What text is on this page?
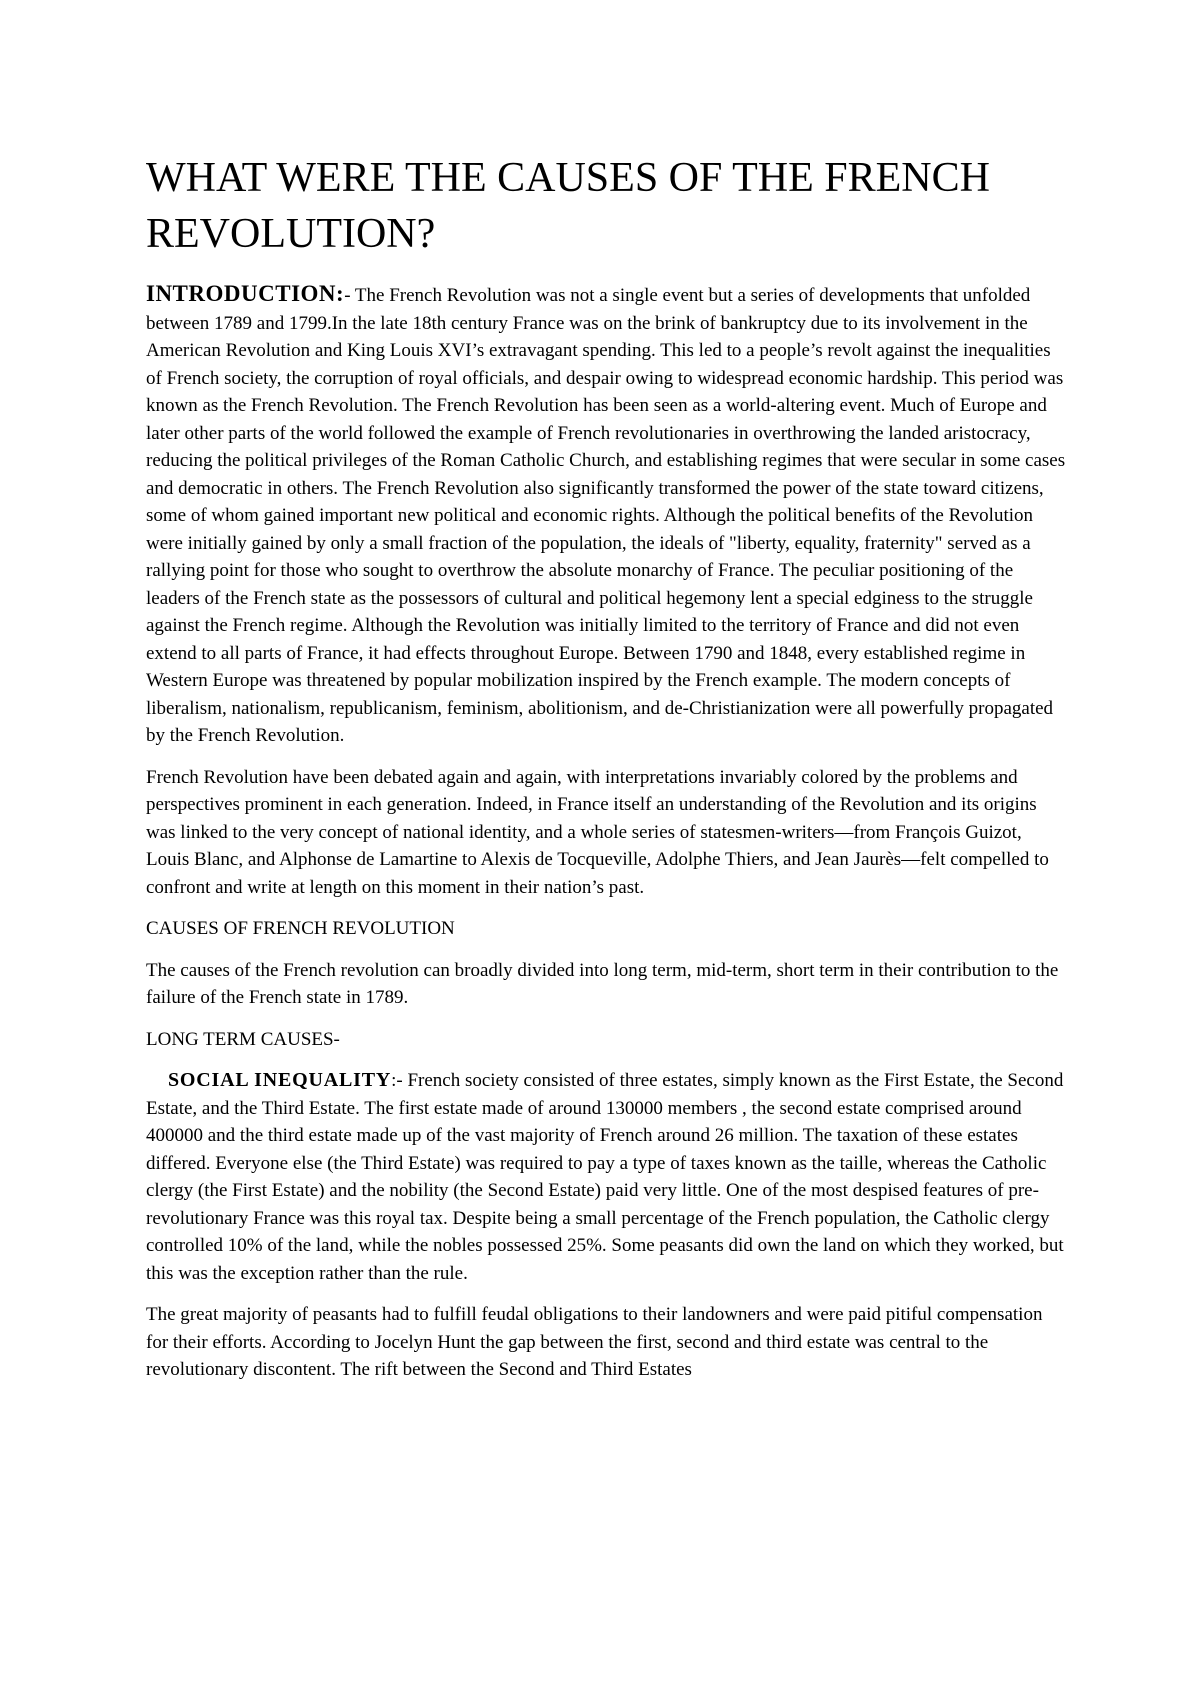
WHAT WERE THE CAUSES OF THE FRENCH REVOLUTION?

INTRODUCTION:- The French Revolution was not a single event but a series of developments that unfolded between 1789 and 1799.In the late 18th century France was on the brink of bankruptcy due to its involvement in the American Revolution and King Louis XVI’s extravagant spending. This led to a people’s revolt against the inequalities of French society, the corruption of royal officials, and despair owing to widespread economic hardship. This period was known as the French Revolution. The French Revolution has been seen as a world-altering event. Much of Europe and later other parts of the world followed the example of French revolutionaries in overthrowing the landed aristocracy, reducing the political privileges of the Roman Catholic Church, and establishing regimes that were secular in some cases and democratic in others. The French Revolution also significantly transformed the power of the state toward citizens, some of whom gained important new political and economic rights. Although the political benefits of the Revolution were initially gained by only a small fraction of the population, the ideals of "liberty, equality, fraternity" served as a rallying point for those who sought to overthrow the absolute monarchy of France. The peculiar positioning of the leaders of the French state as the possessors of cultural and political hegemony lent a special edginess to the struggle against the French regime. Although the Revolution was initially limited to the territory of France and did not even extend to all parts of France, it had effects throughout Europe. Between 1790 and 1848, every established regime in Western Europe was threatened by popular mobilization inspired by the French example. The modern concepts of liberalism, nationalism, republicanism, feminism, abolitionism, and de-Christianization were all powerfully propagated by the French Revolution.

French Revolution have been debated again and again, with interpretations invariably colored by the problems and perspectives prominent in each generation. Indeed, in France itself an understanding of the Revolution and its origins was linked to the very concept of national identity, and a whole series of statesmen-writers—from François Guizot, Louis Blanc, and Alphonse de Lamartine to Alexis de Tocqueville, Adolphe Thiers, and Jean Jaurès—felt compelled to confront and write at length on this moment in their nation’s past.

CAUSES OF FRENCH REVOLUTION

The causes of the French revolution can broadly divided into long term, mid-term, short term in their contribution to the failure of the French state in 1789.

LONG TERM CAUSES-

SOCIAL INEQUALITY:- French society consisted of three estates, simply known as the First Estate, the Second Estate, and the Third Estate. The first estate made of around 130000 members , the second estate comprised around 400000 and the third estate made up of the vast majority of French around 26 million. The taxation of these estates differed. Everyone else (the Third Estate) was required to pay a type of taxes known as the taille, whereas the Catholic clergy (the First Estate) and the nobility (the Second Estate) paid very little. One of the most despised features of pre-revolutionary France was this royal tax. Despite being a small percentage of the French population, the Catholic clergy controlled 10% of the land, while the nobles possessed 25%. Some peasants did own the land on which they worked, but this was the exception rather than the rule.

The great majority of peasants had to fulfill feudal obligations to their landowners and were paid pitiful compensation for their efforts. According to Jocelyn Hunt the gap between the first, second and third estate was central to the revolutionary discontent. The rift between the Second and Third Estates
